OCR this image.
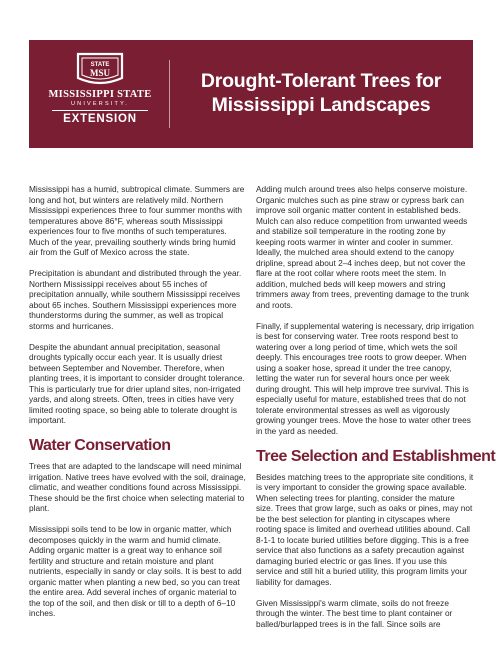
STATE
MSU
MISSISSIPPI STATE
UNIVERSITY.
EXTENSION
Drought-Tolerant Trees for
Mississippi Landscapes

Mississippi has a humid, subtropical climate. Summers are long and hot, but winters are relatively mild. Northern Mississippi experiences three to four summer months with temperatures above 86°F, whereas south Mississippi experiences four to five months of such temperatures. Much of the year, prevailing southerly winds bring humid air from the Gulf of Mexico across the state.

Precipitation is abundant and distributed through the year. Northern Mississippi receives about 55 inches of precipitation annually, while southern Mississippi receives about 65 inches. Southern Mississippi experiences more thunderstorms during the summer, as well as tropical storms and hurricanes.

Despite the abundant annual precipitation, seasonal droughts typically occur each year. It is usually driest between September and November. Therefore, when planting trees, it is important to consider drought tolerance. This is particularly true for drier upland sites, non-irrigated yards, and along streets. Often, trees in cities have very limited rooting space, so being able to tolerate drought is important.

Water Conservation

Trees that are adapted to the landscape will need minimal irrigation. Native trees have evolved with the soil, drainage, climatic, and weather conditions found across Mississippi. These should be the first choice when selecting material to plant.

Mississippi soils tend to be low in organic matter, which decomposes quickly in the warm and humid climate. Adding organic matter is a great way to enhance soil fertility and structure and retain moisture and plant nutrients, especially in sandy or clay soils. It is best to add organic matter when planting a new bed, so you can treat the entire area. Add several inches of organic material to the top of the soil, and then disk or till to a depth of 6–10 inches.

Adding mulch around trees also helps conserve moisture. Organic mulches such as pine straw or cypress bark can improve soil organic matter content in established beds. Mulch can also reduce competition from unwanted weeds and stabilize soil temperature in the rooting zone by keeping roots warmer in winter and cooler in summer. Ideally, the mulched area should extend to the canopy dripline, spread about 2–4 inches deep, but not cover the flare at the root collar where roots meet the stem. In addition, mulched beds will keep mowers and string trimmers away from trees, preventing damage to the trunk and roots.

Finally, if supplemental watering is necessary, drip irrigation is best for conserving water. Tree roots respond best to watering over a long period of time, which wets the soil deeply. This encourages tree roots to grow deeper. When using a soaker hose, spread it under the tree canopy, letting the water run for several hours once per week during drought. This will help improve tree survival. This is especially useful for mature, established trees that do not tolerate environmental stresses as well as vigorously growing younger trees. Move the hose to water other trees in the yard as needed.

Tree Selection and Establishment

Besides matching trees to the appropriate site conditions, it is very important to consider the growing space available. When selecting trees for planting, consider the mature size. Trees that grow large, such as oaks or pines, may not be the best selection for planting in cityscapes where rooting space is limited and overhead utilities abound. Call 8-1-1 to locate buried utilities before digging. This is a free service that also functions as a safety precaution against damaging buried electric or gas lines. If you use this service and still hit a buried utility, this program limits your liability for damages.

Given Mississippi's warm climate, soils do not freeze through the winter. The best time to plant container or balled/burlapped trees is in the fall. Since soils are
